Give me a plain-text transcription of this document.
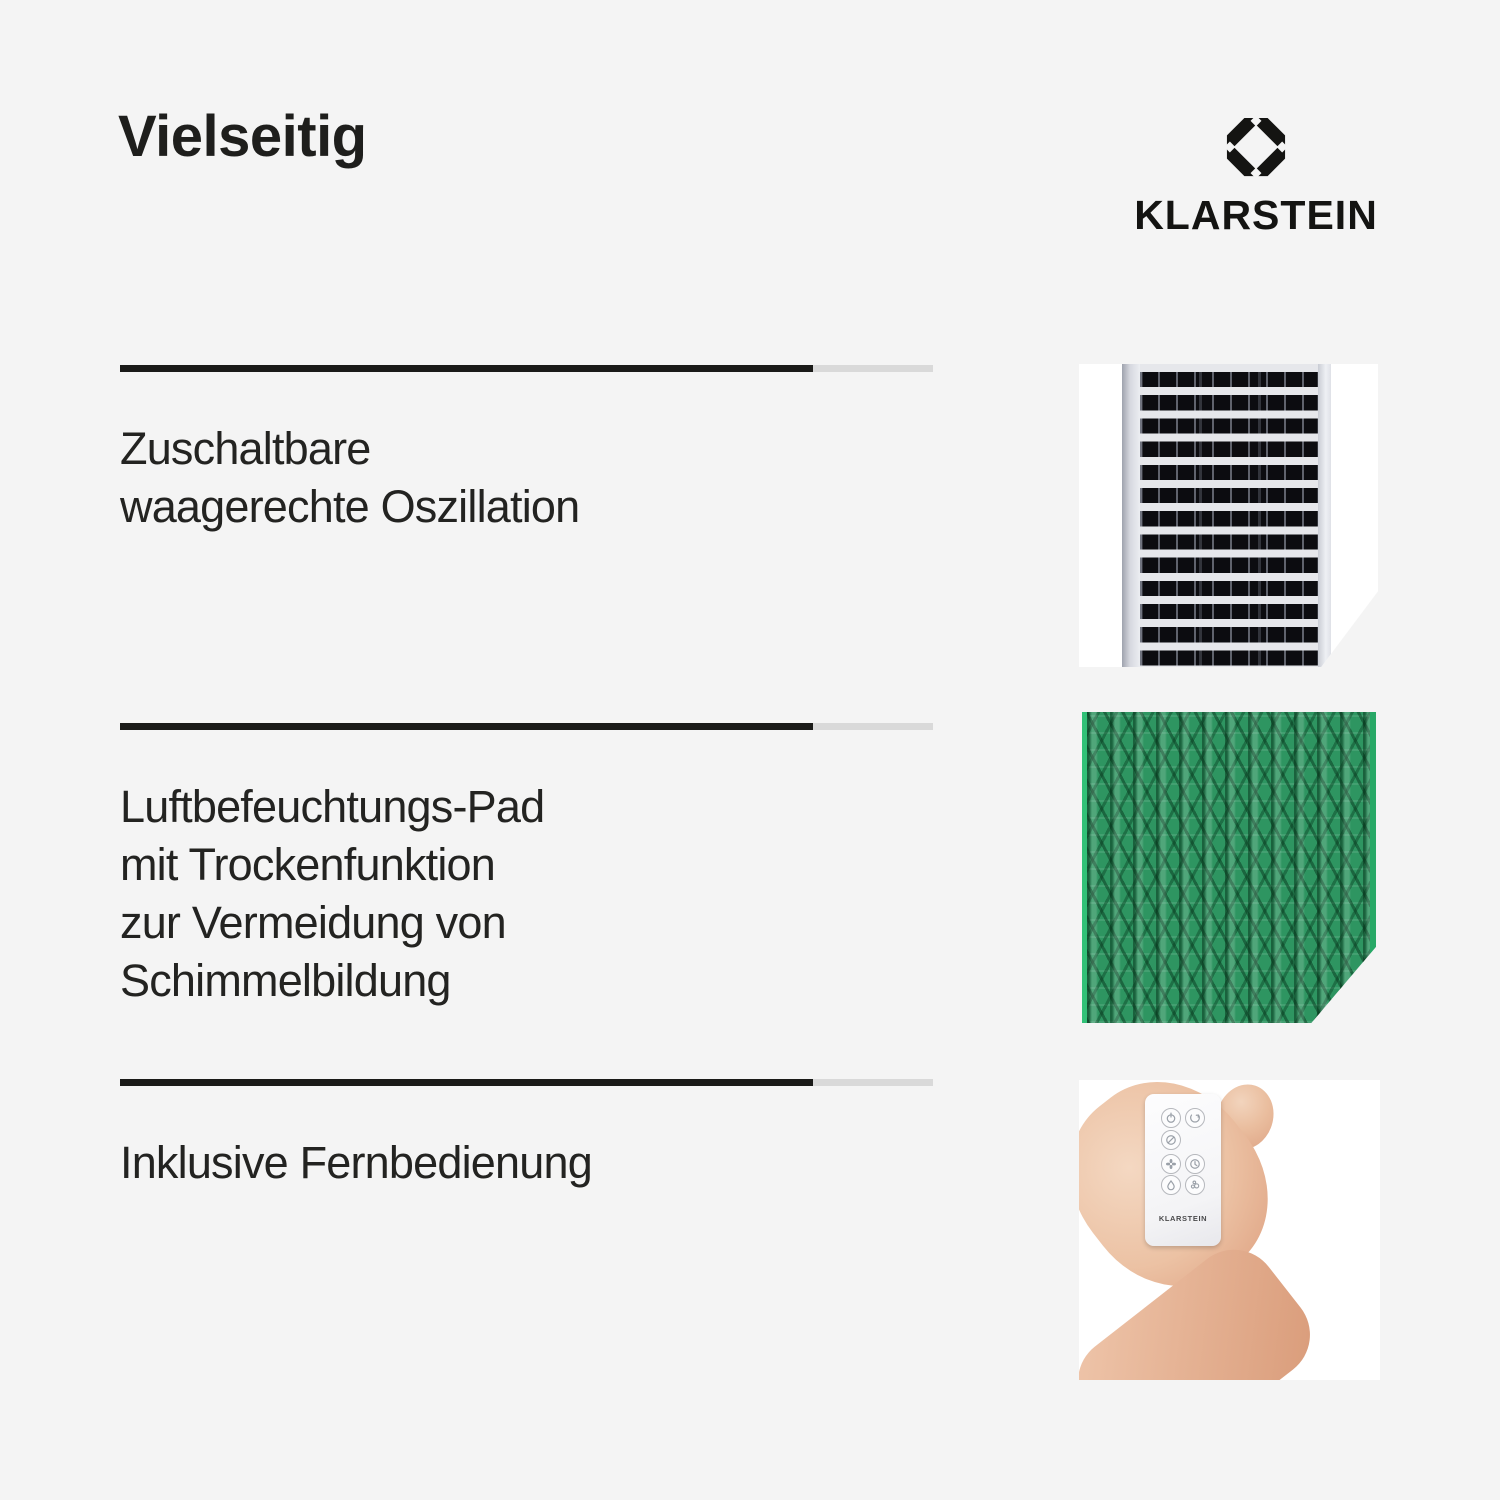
Vielseitig
KLARSTEIN

Zuschaltbare
waagerechte Oszillation

Luftbefeuchtungs-Pad
mit Trockenfunktion
zur Vermeidung von
Schimmelbildung

Inklusive Fernbedienung

KLARSTEIN
